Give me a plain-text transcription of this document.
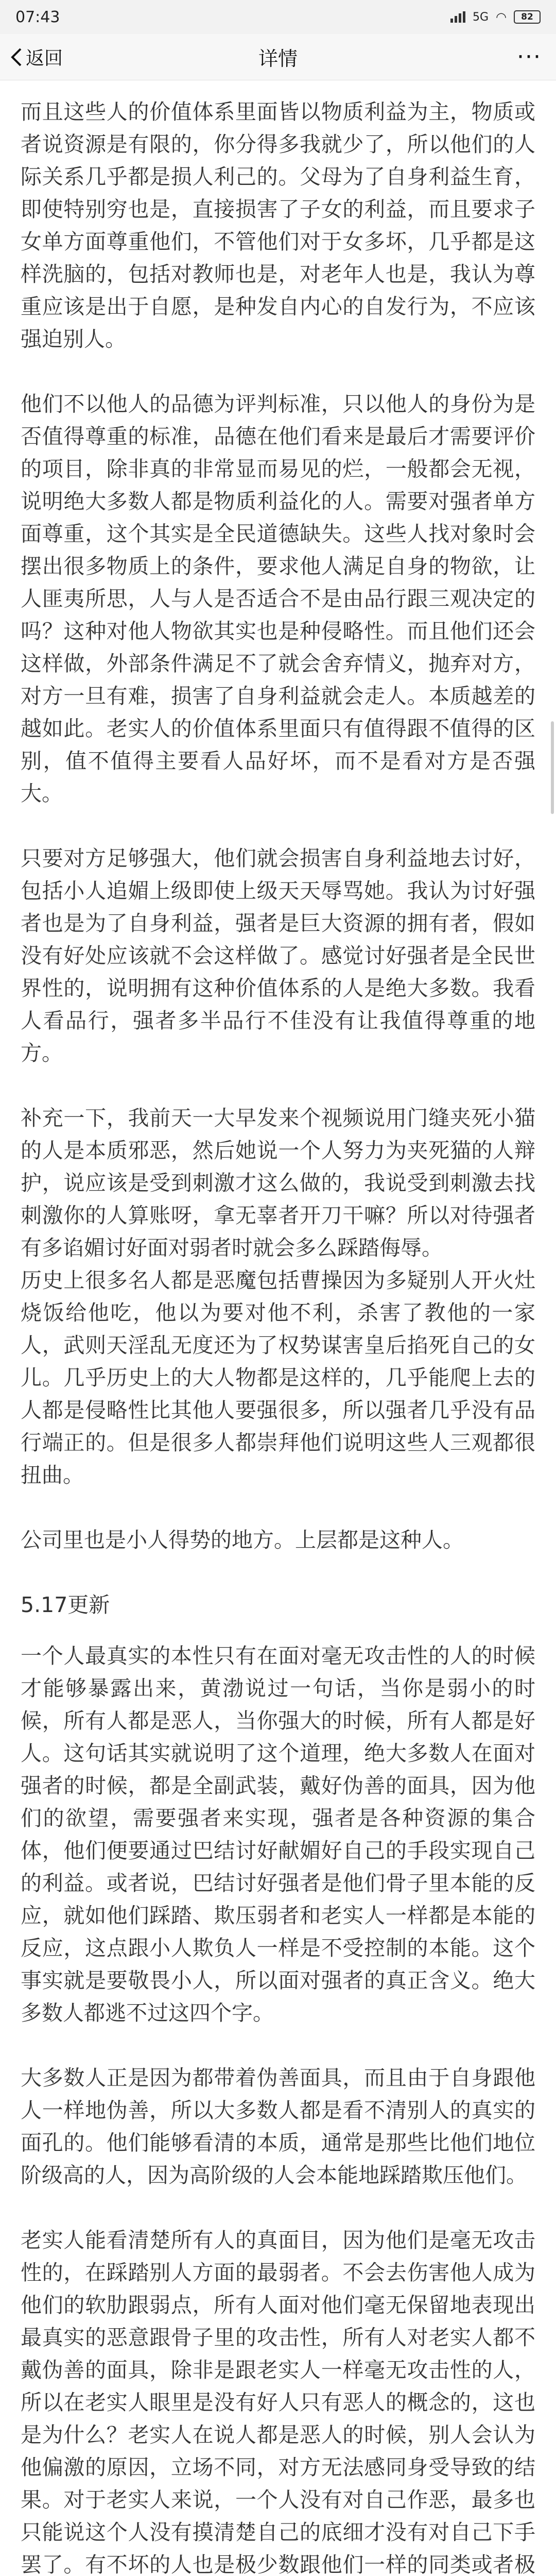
07:43	5G ◠ 82
返回	详情	···

而且这些人的价值体系里面皆以物质利益为主，物质或者说资源是有限的，你分得多我就少了，所以他们的人际关系几乎都是损人利己的。父母为了自身利益生育，即使特别穷也是，直接损害了子女的利益，而且要求子女单方面尊重他们，不管他们对于女多坏，几乎都是这样洗脑的，包括对教师也是，对老年人也是，我认为尊重应该是出于自愿，是种发自内心的自发行为，不应该强迫别人。

他们不以他人的品德为评判标准，只以他人的身份为是否值得尊重的标准，品德在他们看来是最后才需要评价的项目，除非真的非常显而易见的烂，一般都会无视，说明绝大多数人都是物质利益化的人。需要对强者单方面尊重，这个其实是全民道德缺失。这些人找对象时会摆出很多物质上的条件，要求他人满足自身的物欲，让人匪夷所思，人与人是否适合不是由品行跟三观决定的吗？这种对他人物欲其实也是种侵略性。而且他们还会这样做，外部条件满足不了就会舍弃情义，抛弃对方，对方一旦有难，损害了自身利益就会走人。本质越差的越如此。老实人的价值体系里面只有值得跟不值得的区别，值不值得主要看人品好坏，而不是看对方是否强大。

只要对方足够强大，他们就会损害自身利益地去讨好，包括小人追媚上级即使上级天天辱骂她。我认为讨好强者也是为了自身利益，强者是巨大资源的拥有者，假如没有好处应该就不会这样做了。感觉讨好强者是全民世界性的，说明拥有这种价值体系的人是绝大多数。我看人看品行，强者多半品行不佳没有让我值得尊重的地方。

补充一下，我前天一大早发来个视频说用门缝夹死小猫的人是本质邪恶，然后她说一个人努力为夹死猫的人辩护，说应该是受到刺激才这么做的，我说受到刺激去找刺激你的人算账呀，拿无辜者开刀干嘛？所以对待强者有多谄媚讨好面对弱者时就会多么踩踏侮辱。

历史上很多名人都是恶魔包括曹操因为多疑别人开火灶烧饭给他吃，他以为要对他不利，杀害了教他的一家人，武则天淫乱无度还为了权势谋害皇后掐死自己的女儿。几乎历史上的大人物都是这样的，几乎能爬上去的人都是侵略性比其他人要强很多，所以强者几乎没有品行端正的。但是很多人都崇拜他们说明这些人三观都很扭曲。

公司里也是小人得势的地方。上层都是这种人。

5.17更新

一个人最真实的本性只有在面对毫无攻击性的人的时候才能够暴露出来，黄渤说过一句话，当你是弱小的时候，所有人都是恶人，当你强大的时候，所有人都是好人。这句话其实就说明了这个道理，绝大多数人在面对强者的时候，都是全副武装，戴好伪善的面具，因为他们的欲望，需要强者来实现，强者是各种资源的集合体，他们便要通过巴结讨好献媚好自己的手段实现自己的利益。或者说，巴结讨好强者是他们骨子里本能的反应，就如他们踩踏、欺压弱者和老实人一样都是本能的反应，这点跟小人欺负人一样是不受控制的本能。这个事实就是要敬畏小人，所以面对强者的真正含义。绝大多数人都逃不过这四个字。

大多数人正是因为都带着伪善面具，而且由于自身跟他人一样地伪善，所以大多数人都是看不清别人的真实的面孔的。他们能够看清的本质，通常是那些比他们地位阶级高的人，因为高阶级的人会本能地踩踏欺压他们。

老实人能看清楚所有人的真面目，因为他们是毫无攻击性的，在踩踏别人方面的最弱者。不会去伤害他人成为他们的软肋跟弱点，所有人面对他们毫无保留地表现出最真实的恶意跟骨子里的攻击性，所有人对老实人都不戴伪善的面具，除非是跟老实人一样毫无攻击性的人，所以在老实人眼里是没有好人只有恶人的概念的，这也是为什么？老实人在说人都是恶人的时候，别人会认为他偏激的原因，立场不同，对方无法感同身受导致的结果。对于老实人来说，一个人没有对自己作恶，最多也只能说这个人没有摸清楚自己的底细才没有对自己下手罢了。有不坏的人也是极少数跟他们一样的同类或者极
